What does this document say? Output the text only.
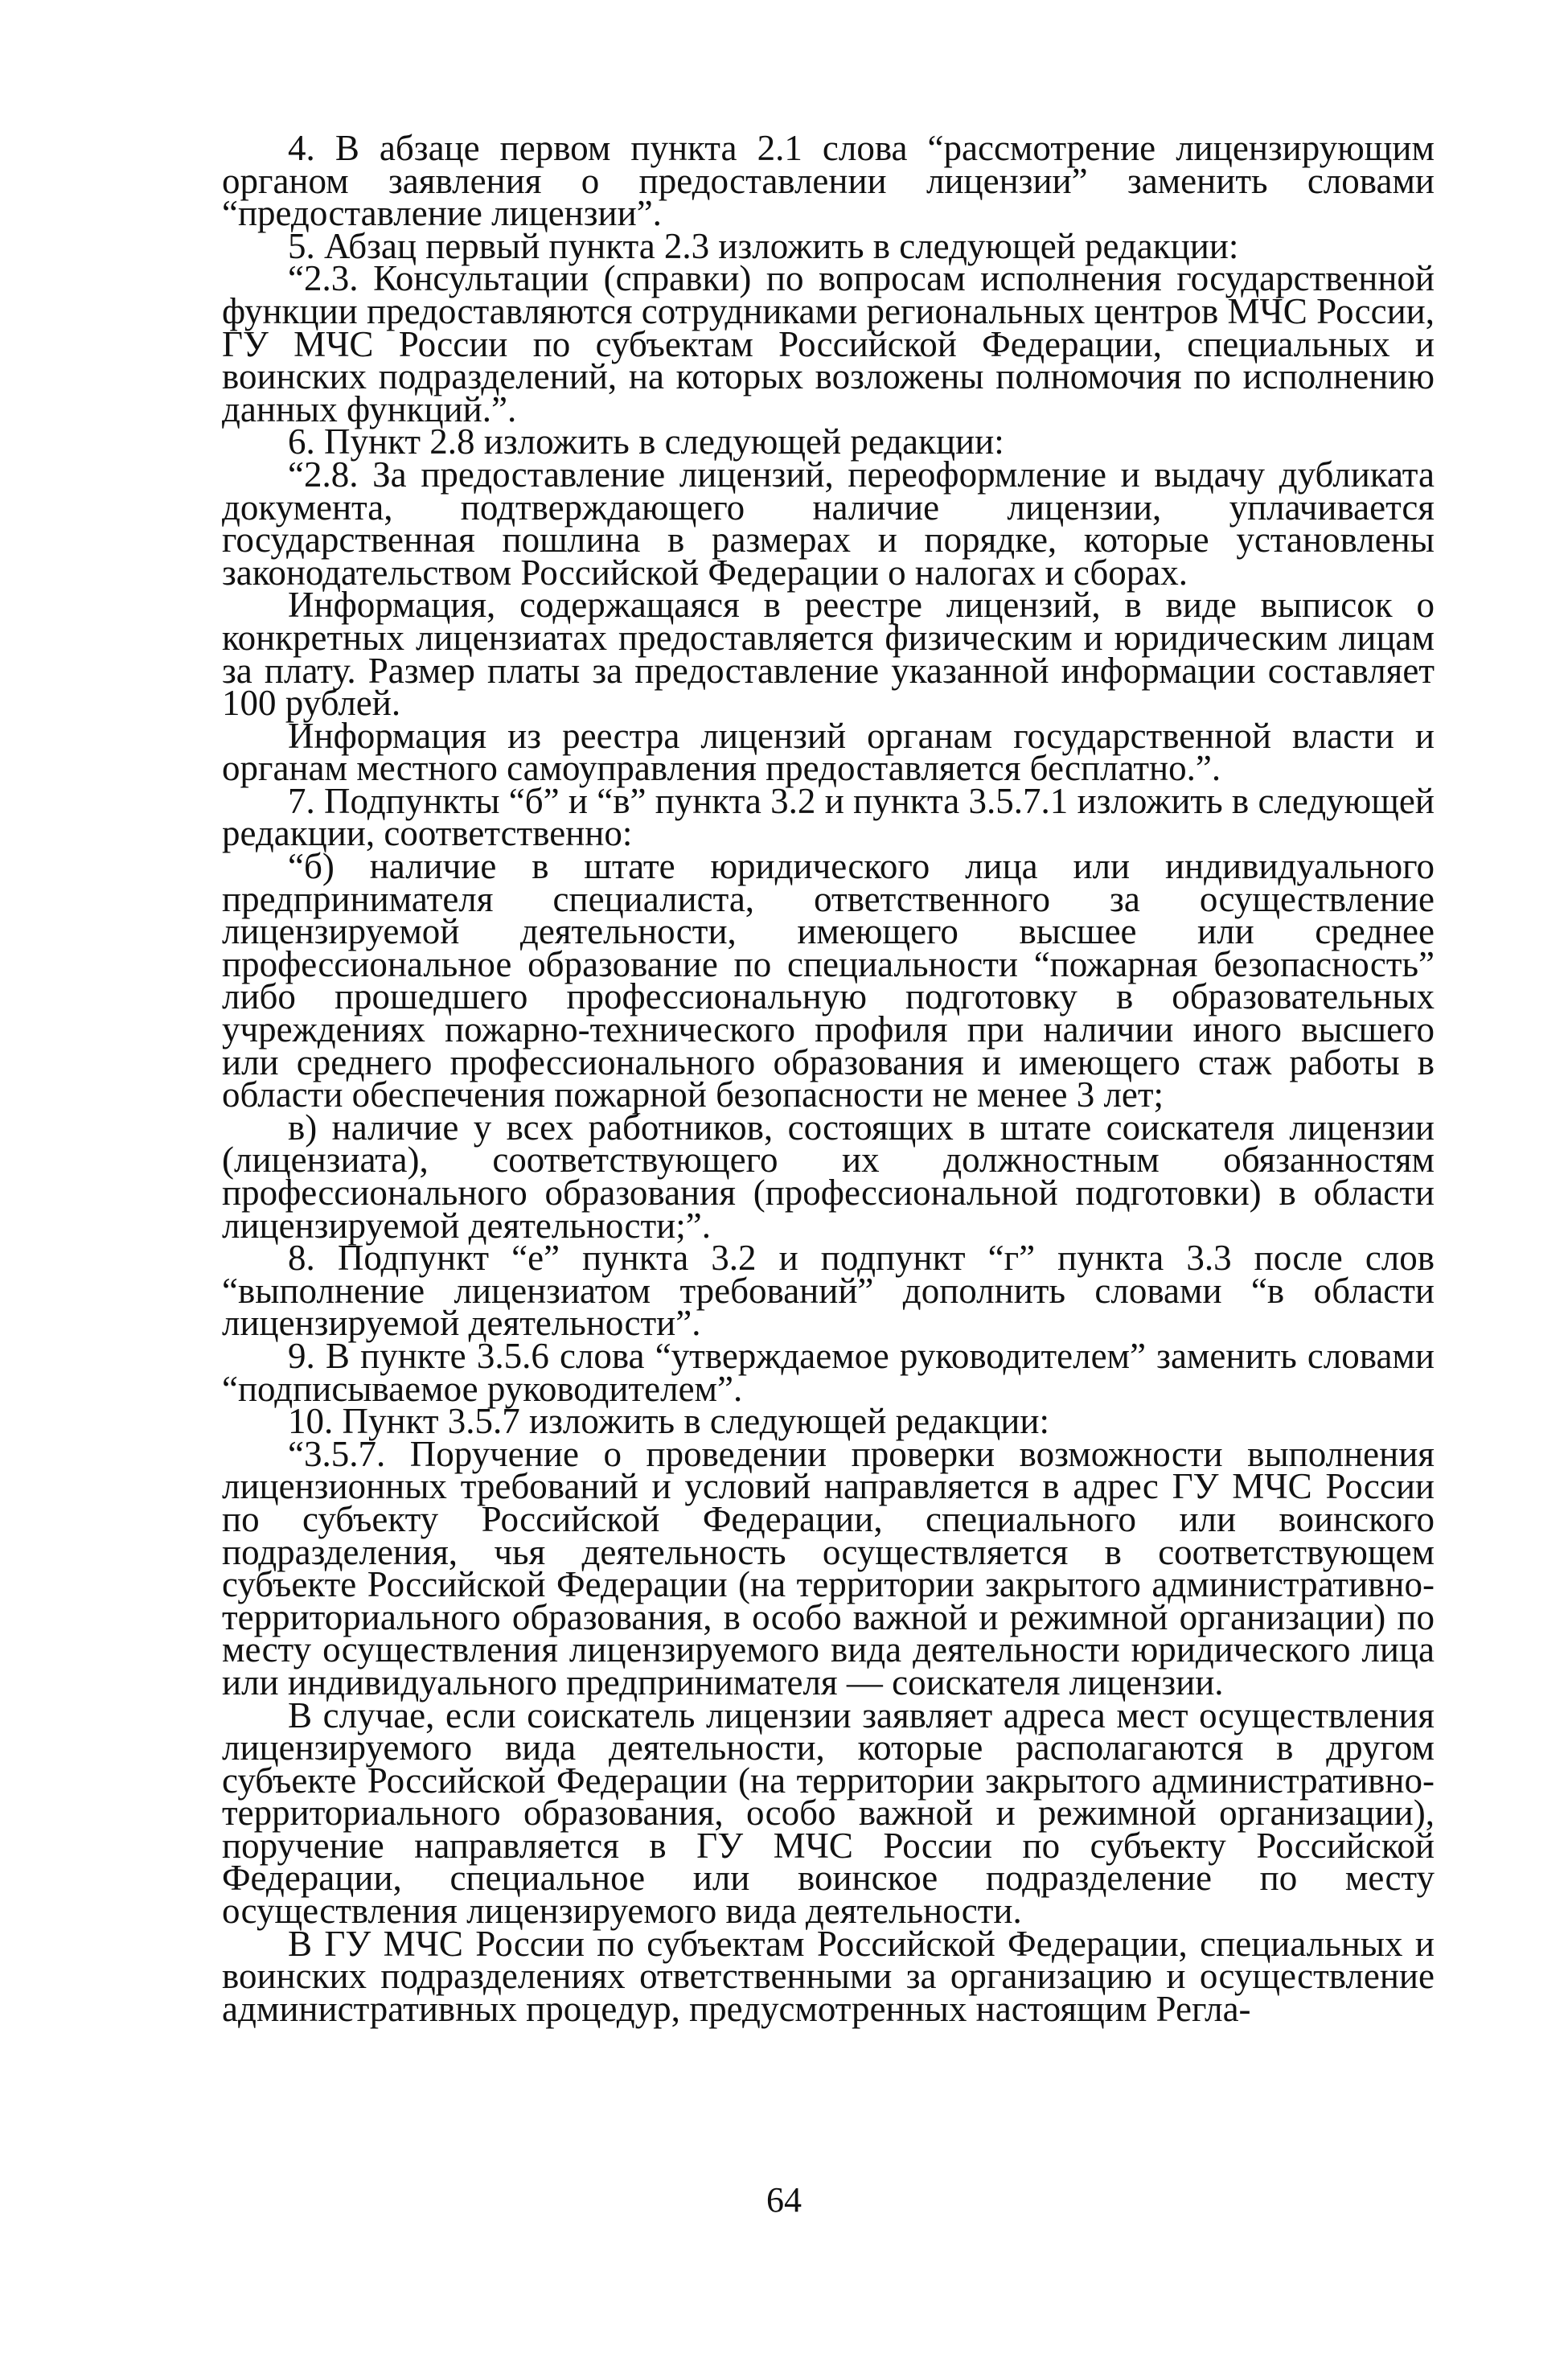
4. В абзаце первом пункта 2.1 слова “рассмотрение лицензирующим органом заявления о предоставлении лицензии” заменить словами “предоставление лицензии”.

5. Абзац первый пункта 2.3 изложить в следующей редакции:

“2.3. Консультации (справки) по вопросам исполнения государственной функции предоставляются сотрудниками региональных центров МЧС России, ГУ МЧС России по субъектам Российской Федерации, специальных и воинских подразделений, на которых возложены полномочия по исполнению данных функций.”.

6. Пункт 2.8 изложить в следующей редакции:

“2.8. За предоставление лицензий, переоформление и выдачу дубликата документа, подтверждающего наличие лицензии, уплачивается государственная пошлина в размерах и порядке, которые установлены законодательством Российской Федерации о налогах и сборах.

Информация, содержащаяся в реестре лицензий, в виде выписок о конкретных лицензиатах предоставляется физическим и юридическим лицам за плату. Размер платы за предоставление указанной информации составляет 100 рублей.

Информация из реестра лицензий органам государственной власти и органам местного самоуправления предоставляется бесплатно.”.

7. Подпункты “б” и “в” пункта 3.2 и пункта 3.5.7.1 изложить в следующей редакции, соответственно:

“б) наличие в штате юридического лица или индивидуального предпринимателя специалиста, ответственного за осуществление лицензируемой деятельности, имеющего высшее или среднее профессиональное образование по специальности “пожарная безопасность” либо прошедшего профессиональную подготовку в образовательных учреждениях пожарно-технического профиля при наличии иного высшего или среднего профессионального образования и имеющего стаж работы в области обеспечения пожарной безопасности не менее 3 лет;

в) наличие у всех работников, состоящих в штате соискателя лицензии (лицензиата), соответствующего их должностным обязанностям профессионального образования (профессиональной подготовки) в области лицензируемой деятельности;”.

8. Подпункт “е” пункта 3.2 и подпункт “г” пункта 3.3 после слов “выполнение лицензиатом требований” дополнить словами “в области лицензируемой деятельности”.

9. В пункте 3.5.6 слова “утверждаемое руководителем” заменить словами “подписываемое руководителем”.

10. Пункт 3.5.7 изложить в следующей редакции:

“3.5.7. Поручение о проведении проверки возможности выполнения лицензионных требований и условий направляется в адрес ГУ МЧС России по субъекту Российской Федерации, специального или воинского подразделения, чья деятельность осуществляется в соответствующем субъекте Российской Федерации (на территории закрытого административно-территориального образования, в особо важной и режимной организации) по месту осуществления лицензируемого вида деятельности юридического лица или индивидуального предпринимателя — соискателя лицензии.

В случае, если соискатель лицензии заявляет адреса мест осуществления лицензируемого вида деятельности, которые располагаются в другом субъекте Российской Федерации (на территории закрытого административно-территориального образования, особо важной и режимной организации), поручение направляется в ГУ МЧС России по субъекту Российской Федерации, специальное или воинское подразделение по месту осуществления лицензируемого вида деятельности.

В ГУ МЧС России по субъектам Российской Федерации, специальных и воинских подразделениях ответственными за организацию и осуществление административных процедур, предусмотренных настоящим Регла-

64
